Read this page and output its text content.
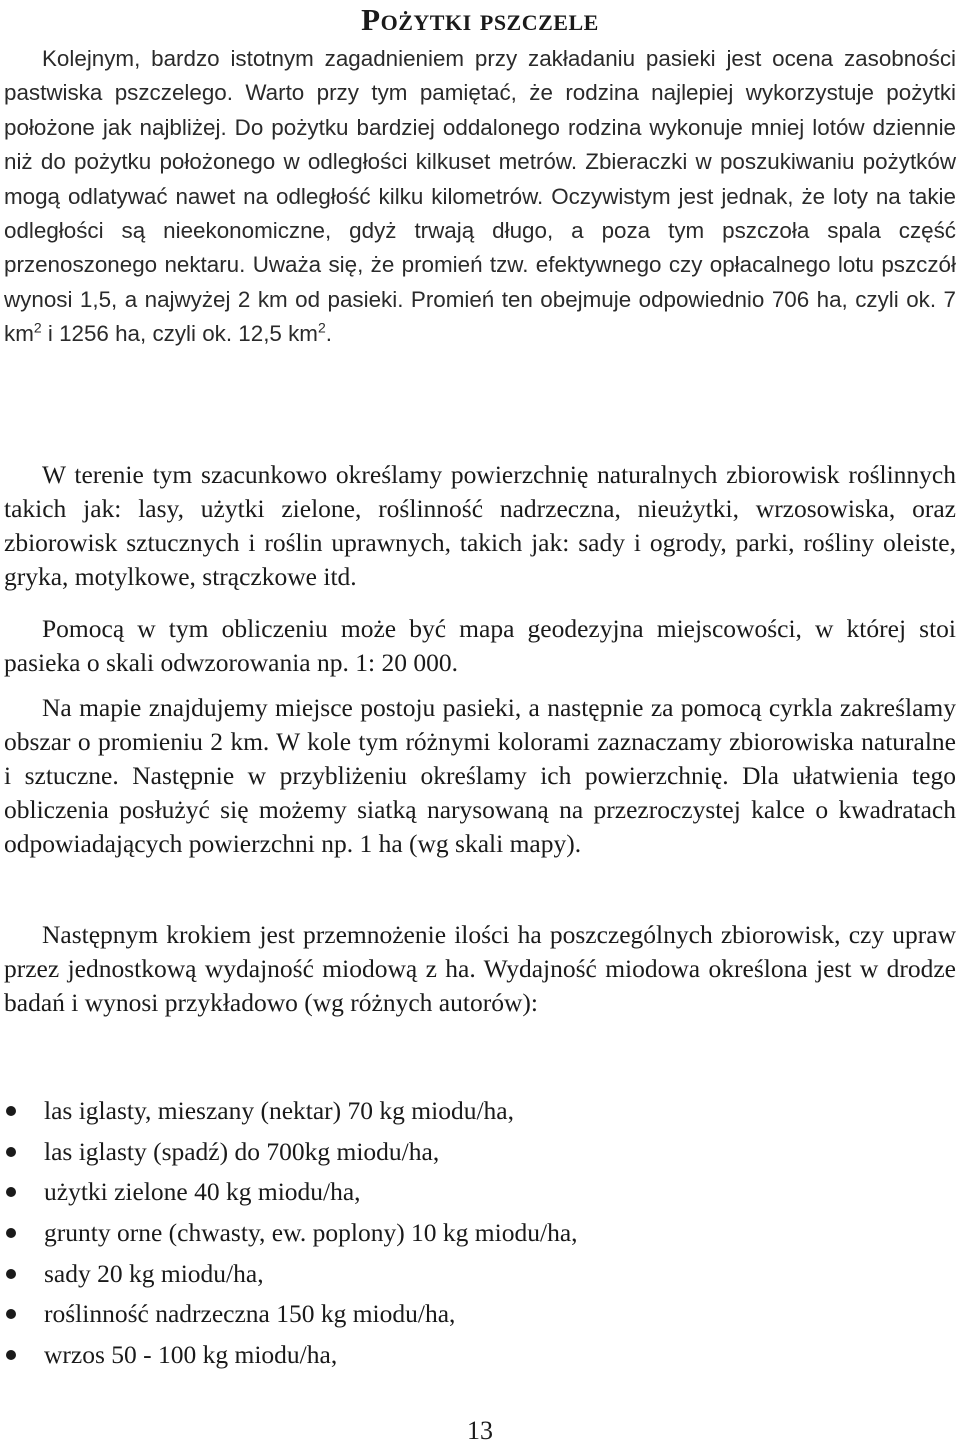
Pożytki pszczele

Kolejnym, bardzo istotnym zagadnieniem przy zakładaniu pasieki jest ocena zasobności pastwiska pszczelego. Warto przy tym pamiętać, że rodzina najlepiej wykorzystuje pożytki położone jak najbliżej. Do pożytku bardziej oddalonego rodzina wykonuje mniej lotów dziennie niż do pożytku położonego w odległości kilkuset metrów. Zbieraczki w poszukiwaniu pożytków mogą odlatywać nawet na odległość kilku kilometrów. Oczywistym jest jednak, że loty na takie odległości są nieekonomiczne, gdyż trwają długo, a poza tym pszczoła spala część przenoszonego nektaru. Uważa się, że promień tzw. efektywnego czy opłacalnego lotu pszczół wynosi 1,5, a najwyżej 2 km od pasieki. Promień ten obejmuje odpowiednio 706 ha, czyli ok. 7 $km^2$ i 1256 ha, czyli ok. 12,5 $km^2$.

W terenie tym szacunkowo określamy powierzchnię naturalnych zbiorowisk roślinnych takich jak: lasy, użytki zielone, roślinność nadrzeczna, nieużytki, wrzosowiska, oraz zbiorowisk sztucznych i roślin uprawnych, takich jak: sady i ogrody, parki, rośliny oleiste, gryka, motylkowe, strączkowe itd.

Pomocą w tym obliczeniu może być mapa geodezyjna miejscowości, w której stoi pasieka o skali odwzorowania np. 1: 20 000.

Na mapie znajdujemy miejsce postoju pasieki, a następnie za pomocą cyrkla zakreślamy obszar o promieniu 2 km. W kole tym różnymi kolorami zaznaczamy zbiorowiska naturalne i sztuczne. Następnie w przybliżeniu określamy ich powierzchnię. Dla ułatwienia tego obliczenia posłużyć się możemy siatką narysowaną na przezroczystej kalce o kwadratach odpowiadających powierzchni np. 1 ha (wg skali mapy).

Następnym krokiem jest przemnożenie ilości ha poszczególnych zbiorowisk, czy upraw przez jednostkową wydajność miodową z ha. Wydajność miodowa określona jest w drodze badań i wynosi przykładowo (wg różnych autorów):

las iglasty, mieszany (nektar) 70 kg miodu/ha,
las iglasty (spadź) do 700kg miodu/ha,
użytki zielone 40 kg miodu/ha,
grunty orne (chwasty, ew. poplony) 10 kg miodu/ha,
sady 20 kg miodu/ha,
roślinność nadrzeczna 150 kg miodu/ha,
wrzos 50 - 100 kg miodu/ha,
13
